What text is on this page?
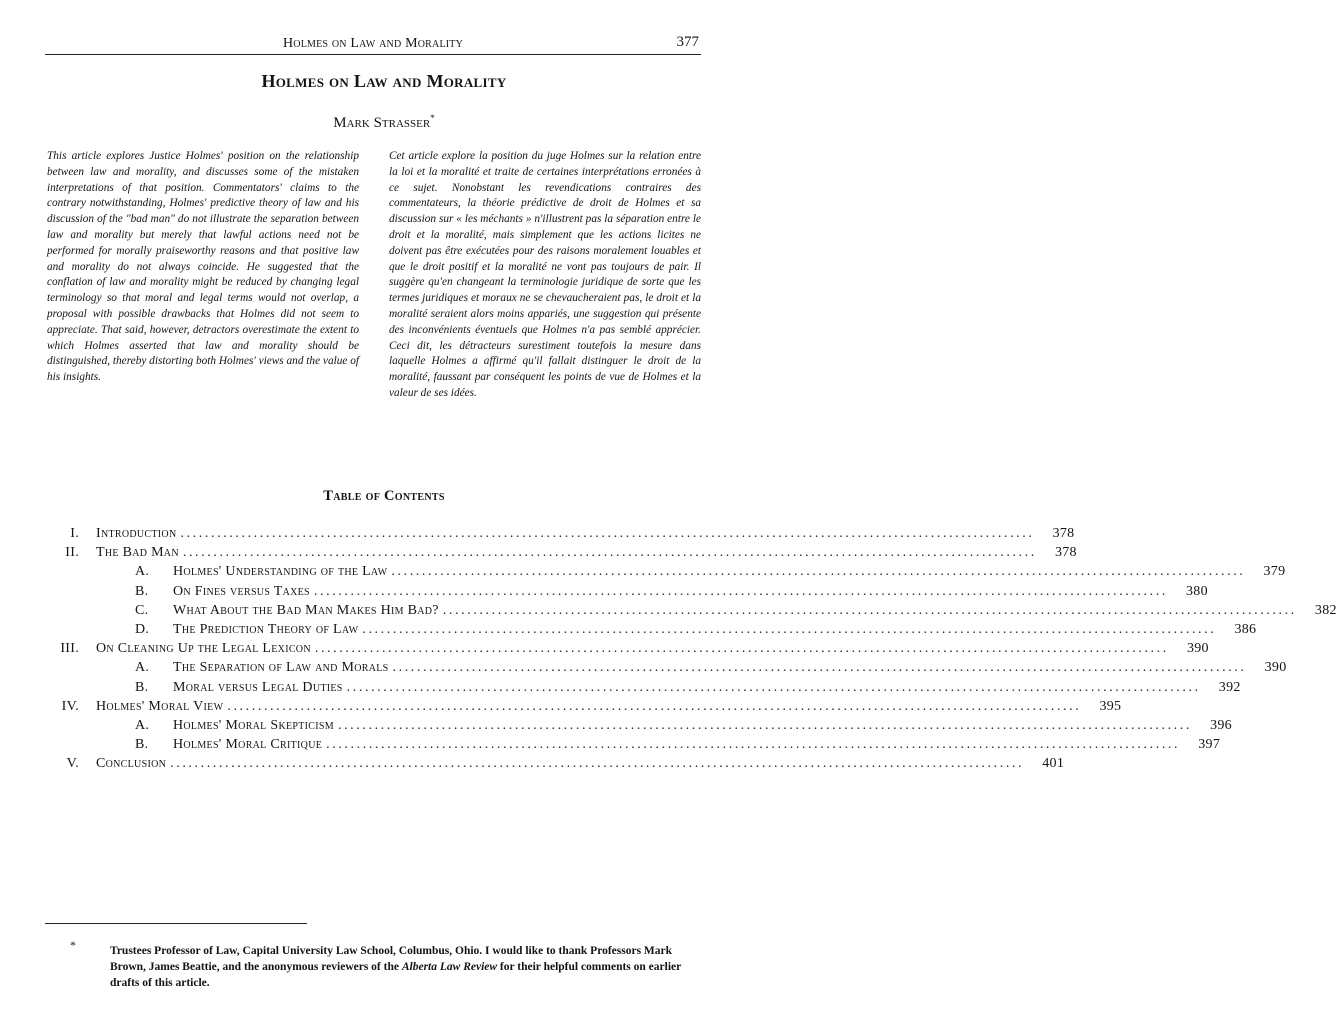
Holmes on Law and Morality	377
Holmes on Law and Morality
Mark Strasser*
This article explores Justice Holmes' position on the relationship between law and morality, and discusses some of the mistaken interpretations of that position. Commentators' claims to the contrary notwithstanding, Holmes' predictive theory of law and his discussion of the "bad man" do not illustrate the separation between law and morality but merely that lawful actions need not be performed for morally praiseworthy reasons and that positive law and morality do not always coincide. He suggested that the conflation of law and morality might be reduced by changing legal terminology so that moral and legal terms would not overlap, a proposal with possible drawbacks that Holmes did not seem to appreciate. That said, however, detractors overestimate the extent to which Holmes asserted that law and morality should be distinguished, thereby distorting both Holmes' views and the value of his insights.
Cet article explore la position du juge Holmes sur la relation entre la loi et la moralité et traite de certaines interprétations erronées à ce sujet. Nonobstant les revendications contraires des commentateurs, la théorie prédictive de droit de Holmes et sa discussion sur « les méchants » n'illustrent pas la séparation entre le droit et la moralité, mais simplement que les actions licites ne doivent pas être exécutées pour des raisons moralement louables et que le droit positif et la moralité ne vont pas toujours de pair. Il suggère qu'en changeant la terminologie juridique de sorte que les termes juridiques et moraux ne se chevaucheraient pas, le droit et la moralité seraient alors moins appariés, une suggestion qui présente des inconvénients éventuels que Holmes n'a pas semblé apprécier. Ceci dit, les détracteurs surestiment toutefois la mesure dans laquelle Holmes a affirmé qu'il fallait distinguer le droit de la moralité, faussant par conséquent les points de vue de Holmes et la valeur de ses idées.
Table of Contents
I. Introduction ............................................................................................................................................	378
II. The Bad Man ............................................................................................................................................	378
A. Holmes' Understanding of the Law ............................................................................................................................................	379
B. On Fines versus Taxes ............................................................................................................................................	380
C. What About the Bad Man Makes Him Bad? ............................................................................................................................................	382
D. The Prediction Theory of Law ............................................................................................................................................	386
III. On Cleaning Up the Legal Lexicon ............................................................................................................................................	390
A. The Separation of Law and Morals ............................................................................................................................................	390
B. Moral versus Legal Duties ............................................................................................................................................	392
IV. Holmes' Moral View ............................................................................................................................................	395
A. Holmes' Moral Skepticism ............................................................................................................................................	396
B. Holmes' Moral Critique ............................................................................................................................................	397
V. Conclusion ............................................................................................................................................	401
*	Trustees Professor of Law, Capital University Law School, Columbus, Ohio. I would like to thank Professors Mark Brown, James Beattie, and the anonymous reviewers of the Alberta Law Review for their helpful comments on earlier drafts of this article.
